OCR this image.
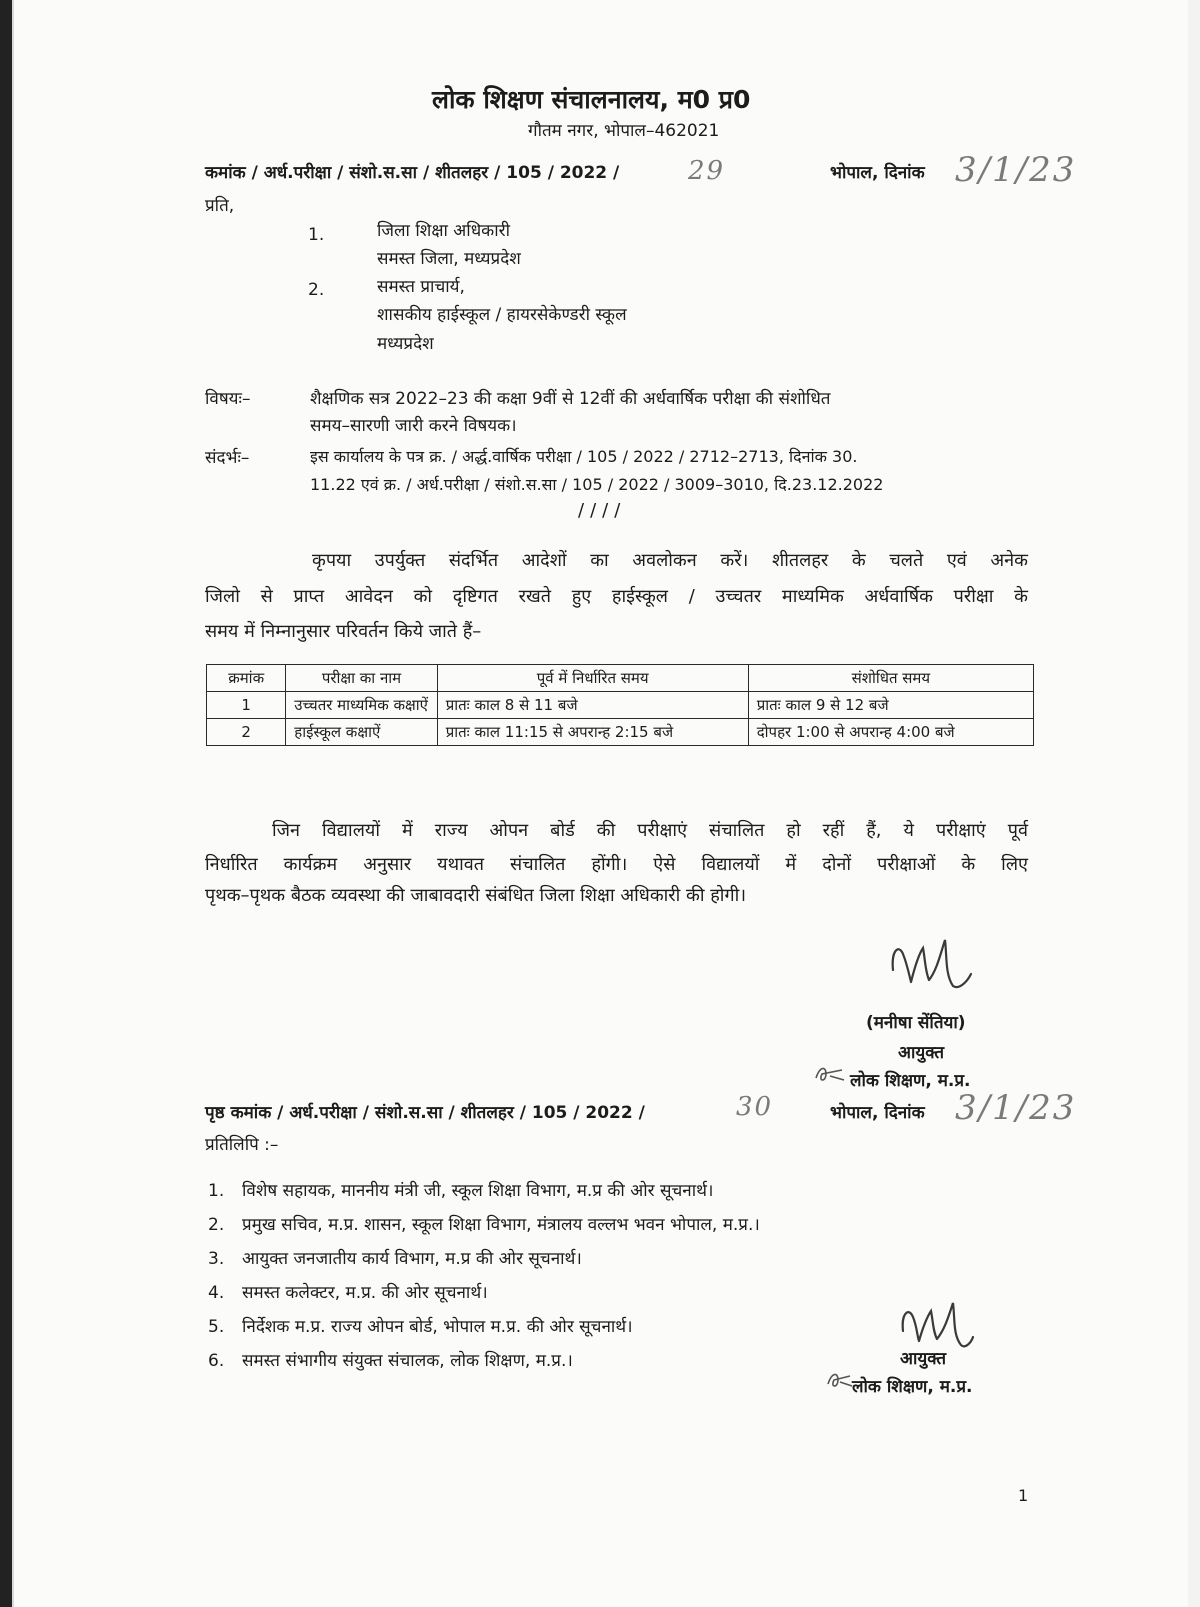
लोक शिक्षण संचालनालय, म0 प्र0
गौतम नगर, भोपाल–462021
कमांक / अर्ध.परीक्षा / संशो.स.सा / शीतलहर / 105 / 2022 /	29	भोपाल, दिनांक 3/1/23
प्रति,
1.	जिला शिक्षा अधिकारी
समस्त जिला, मध्यप्रदेश
2.	समस्त प्राचार्य,
शासकीय हाईस्कूल / हायरसेकेण्डरी स्कूल
मध्यप्रदेश
विषयः–	शैक्षणिक सत्र 2022–23 की कक्षा 9वीं से 12वीं की अर्धवार्षिक परीक्षा की संशोधित
समय–सारणी जारी करने विषयक।
संदर्भः–	इस कार्यालय के पत्र क्र. / अर्द्ध.वार्षिक परीक्षा / 105 / 2022 / 2712–2713, दिनांक 30.
11.22 एवं क्र. / अर्ध.परीक्षा / संशो.स.सा / 105 / 2022 / 3009–3010, दि.23.12.2022
////
कृपया उपर्युक्त संदर्भित आदेशों का अवलोकन करें। शीतलहर के चलते एवं अनेक
जिलो से प्राप्त आवेदन को दृष्टिगत रखते हुए हाईस्कूल / उच्चतर माध्यमिक अर्धवार्षिक परीक्षा के
समय में निम्नानुसार परिवर्तन किये जाते हैं–
क्रमांक	परीक्षा का नाम	पूर्व में निर्धारित समय	संशोधित समय
1	उच्चतर माध्यमिक कक्षाऐं	प्रातः काल 8 से 11 बजे	प्रातः काल 9 से 12 बजे
2	हाईस्कूल कक्षाऐं	प्रातः काल 11:15 से अपरान्ह 2:15 बजे	दोपहर 1:00 से अपरान्ह 4:00 बजे
जिन विद्यालयों में राज्य ओपन बोर्ड की परीक्षाएं संचालित हो रहीं हैं, ये परीक्षाएं पूर्व
निर्धारित कार्यक्रम अनुसार यथावत संचालित होंगी। ऐसे विद्यालयों में दोनों परीक्षाओं के लिए
पृथक–पृथक बैठक व्यवस्था की जाबावदारी संबंधित जिला शिक्षा अधिकारी की होगी।
(मनीषा सेंतिया)
आयुक्त
लोक शिक्षण, म.प्र.
पृष्ठ कमांक / अर्ध.परीक्षा / संशो.स.सा / शीतलहर / 105 / 2022 /	30	भोपाल, दिनांक 3/1/23
प्रतिलिपि :–
1. विशेष सहायक, माननीय मंत्री जी, स्कूल शिक्षा विभाग, म.प्र की ओर सूचनार्थ।
2. प्रमुख सचिव, म.प्र. शासन, स्कूल शिक्षा विभाग, मंत्रालय वल्लभ भवन भोपाल, म.प्र.।
3. आयुक्त जनजातीय कार्य विभाग, म.प्र की ओर सूचनार्थ।
4. समस्त कलेक्टर, म.प्र. की ओर सूचनार्थ।
5. निर्देशक म.प्र. राज्य ओपन बोर्ड, भोपाल म.प्र. की ओर सूचनार्थ।
6. समस्त संभागीय संयुक्त संचालक, लोक शिक्षण, म.प्र.।	आयुक्त
लोक शिक्षण, म.प्र.
1
